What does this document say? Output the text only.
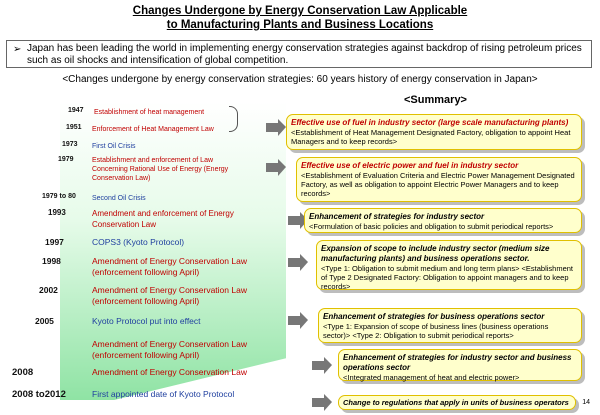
Changes Undergone by Energy Conservation Law Applicable
to Manufacturing Plants and Business Locations
➢ Japan has been leading the world in implementing energy conservation strategies against backdrop of rising petroleum prices such as oil shocks and intensification of global competition.
<Changes undergone by energy conservation strategies: 60 years history of energy conservation in Japan>
<Summary>
1947 Establishment of heat management
1951 Enforcement of Heat Management Law
1973 First Oil Crisis
1979	Establishment and enforcement of Law Concerning Rational Use of Energy (Energy Conservation Law)
1979 to 80 Second Oil Crisis
1993	Amendment and enforcement of Energy Conservation Law
1997	COPS3 (Kyoto Protocol)
1998	Amendment of Energy Conservation Law (enforcement following April)
2002	Amendment of Energy Conservation Law (enforcement following April)
2005	Kyoto Protocol put into effect
Amendment of Energy Conservation Law (enforcement following April)
2008	Amendment of Energy Conservation Law
2008 to2012	First appointed date of Kyoto Protocol
Effective use of fuel in industry sector (large scale manufacturing plants)
<Establishment of Heat Management Designated Factory, obligation to appoint Heat Managers and to keep records>
Effective use of electric power and fuel in industry sector
<Establishment of Evaluation Criteria and Electric Power Management Designated Factory, as well as obligation to appoint Electric Power Managers and to keep records>
Enhancement of strategies for industry sector
<Formulation of basic policies and obligation to submit periodical reports>
Expansion of scope to include industry sector (medium size manufacturing plants) and business operations sector.
<Type 1: Obligation to submit medium and long term plans> <Establishment of Type 2 Designated Factory: Obligation to appoint managers and to keep records>
Enhancement of strategies for business operations sector
<Type 1: Expansion of scope of business lines (business operations sector)> <Type 2: Obligation to submit periodical reports>
Enhancement of strategies for industry sector and business operations sector
<Integrated management of heat and electric power>
Change to regulations that apply in units of business operators	14
